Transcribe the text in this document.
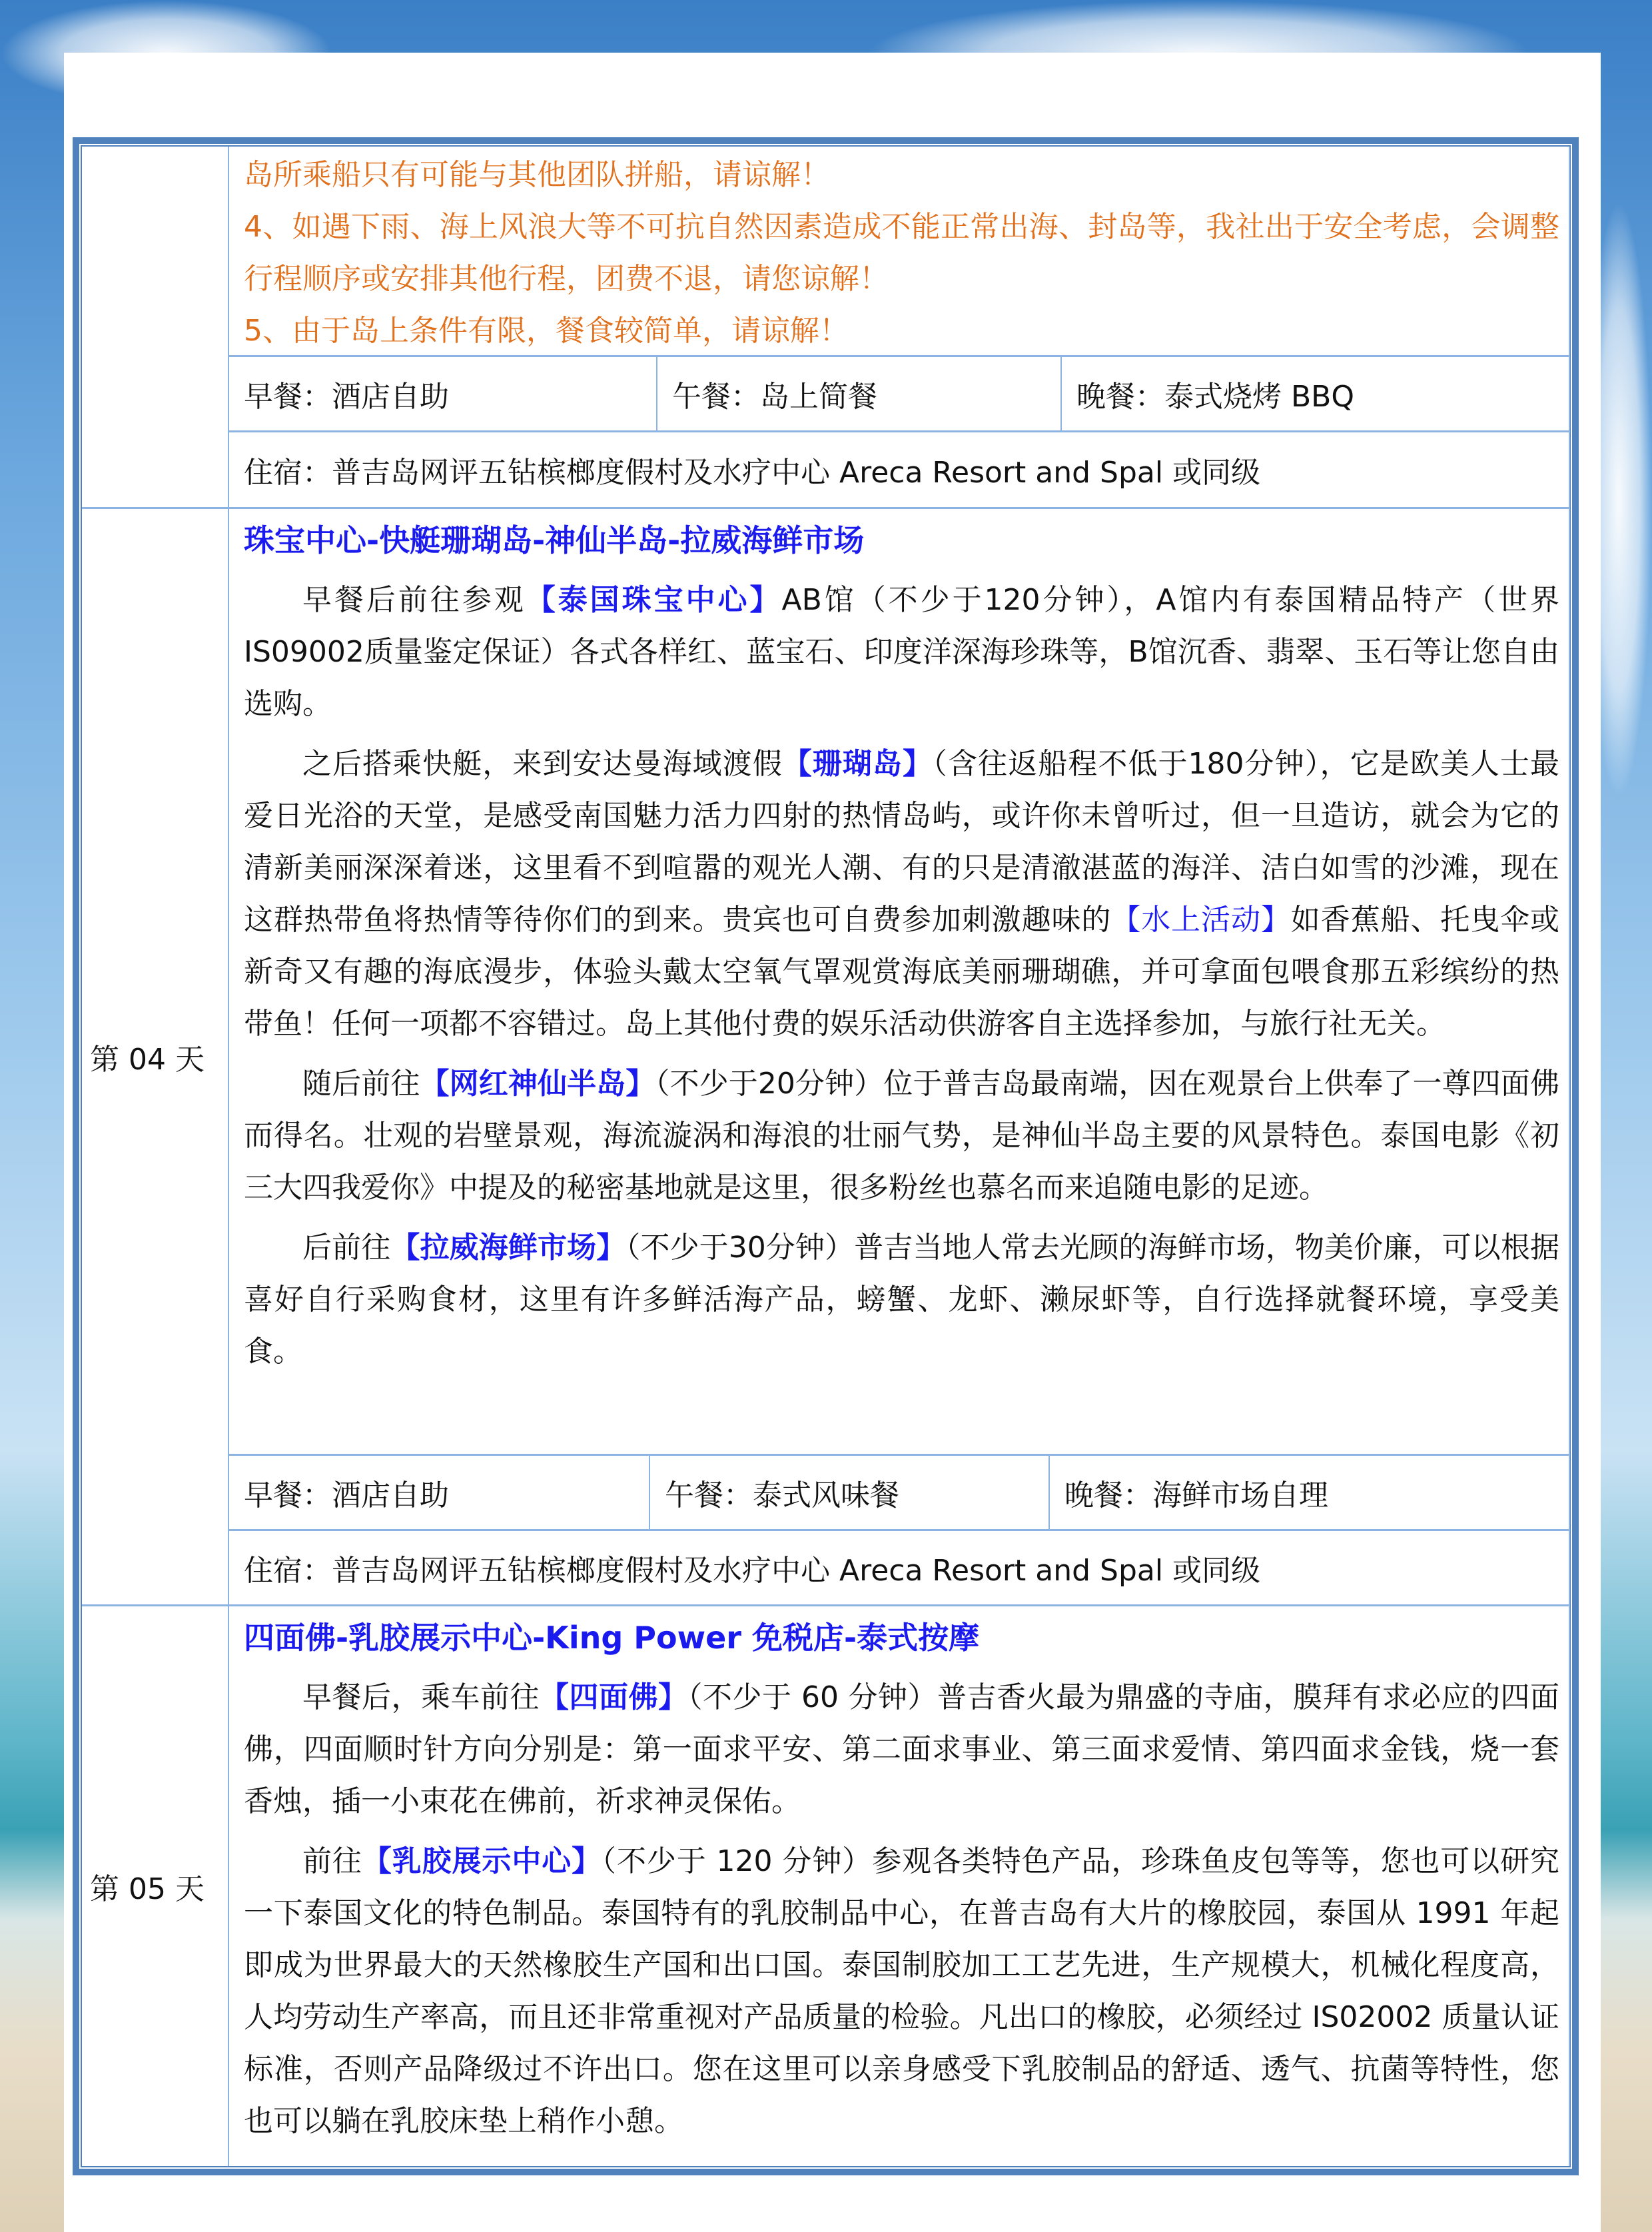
岛所乘船只有可能与其他团队拼船，请谅解！

4、如遇下雨、海上风浪大等不可抗自然因素造成不能正常出海、封岛等，我社出于安全考虑，会调整行程顺序或安排其他行程，团费不退，请您谅解！

5、由于岛上条件有限，餐食较简单，请谅解！

早餐：酒店自助	午餐：岛上简餐	晚餐：泰式烧烤 BBQ
住宿：普吉岛网评五钻槟榔度假村及水疗中心 Areca Resort and Spal 或同级
第 04 天

珠宝中心-快艇珊瑚岛-神仙半岛-拉威海鲜市场

早餐后前往参观【泰国珠宝中心】AB馆（不少于120分钟），A馆内有泰国精品特产（世界IS09002质量鉴定保证）各式各样红、蓝宝石、印度洋深海珍珠等，B馆沉香、翡翠、玉石等让您自由选购。

之后搭乘快艇，来到安达曼海域渡假【珊瑚岛】（含往返船程不低于180分钟），它是欧美人士最爱日光浴的天堂，是感受南国魅力活力四射的热情岛屿，或许你未曾听过，但一旦造访，就会为它的清新美丽深深着迷，这里看不到喧嚣的观光人潮、有的只是清澈湛蓝的海洋、洁白如雪的沙滩，现在这群热带鱼将热情等待你们的到来。贵宾也可自费参加刺激趣味的【水上活动】如香蕉船、托曳伞或新奇又有趣的海底漫步，体验头戴太空氧气罩观赏海底美丽珊瑚礁，并可拿面包喂食那五彩缤纷的热带鱼！任何一项都不容错过。岛上其他付费的娱乐活动供游客自主选择参加，与旅行社无关。

随后前往【网红神仙半岛】（不少于20分钟）位于普吉岛最南端，因在观景台上供奉了一尊四面佛而得名。壮观的岩壁景观，海流漩涡和海浪的壮丽气势，是神仙半岛主要的风景特色。泰国电影《初三大四我爱你》中提及的秘密基地就是这里，很多粉丝也慕名而来追随电影的足迹。

后前往【拉威海鲜市场】（不少于30分钟）普吉当地人常去光顾的海鲜市场，物美价廉，可以根据喜好自行采购食材，这里有许多鲜活海产品，螃蟹、龙虾、濑尿虾等，自行选择就餐环境，享受美食。

早餐：酒店自助	午餐：泰式风味餐	晚餐：海鲜市场自理
住宿：普吉岛网评五钻槟榔度假村及水疗中心 Areca Resort and Spal 或同级
第 05 天

四面佛-乳胶展示中心-King Power 免税店-泰式按摩

早餐后，乘车前往【四面佛】（不少于 60 分钟）普吉香火最为鼎盛的寺庙，膜拜有求必应的四面佛，四面顺时针方向分别是：第一面求平安、第二面求事业、第三面求爱情、第四面求金钱，烧一套香烛，插一小束花在佛前，祈求神灵保佑。

前往【乳胶展示中心】（不少于 120 分钟）参观各类特色产品，珍珠鱼皮包等等，您也可以研究一下泰国文化的特色制品。泰国特有的乳胶制品中心，在普吉岛有大片的橡胶园，泰国从 1991 年起即成为世界最大的天然橡胶生产国和出口国。泰国制胶加工工艺先进，生产规模大，机械化程度高，人均劳动生产率高，而且还非常重视对产品质量的检验。凡出口的橡胶，必须经过 IS02002 质量认证标准，否则产品降级过不许出口。您在这里可以亲身感受下乳胶制品的舒适、透气、抗菌等特性，您也可以躺在乳胶床垫上稍作小憩。
